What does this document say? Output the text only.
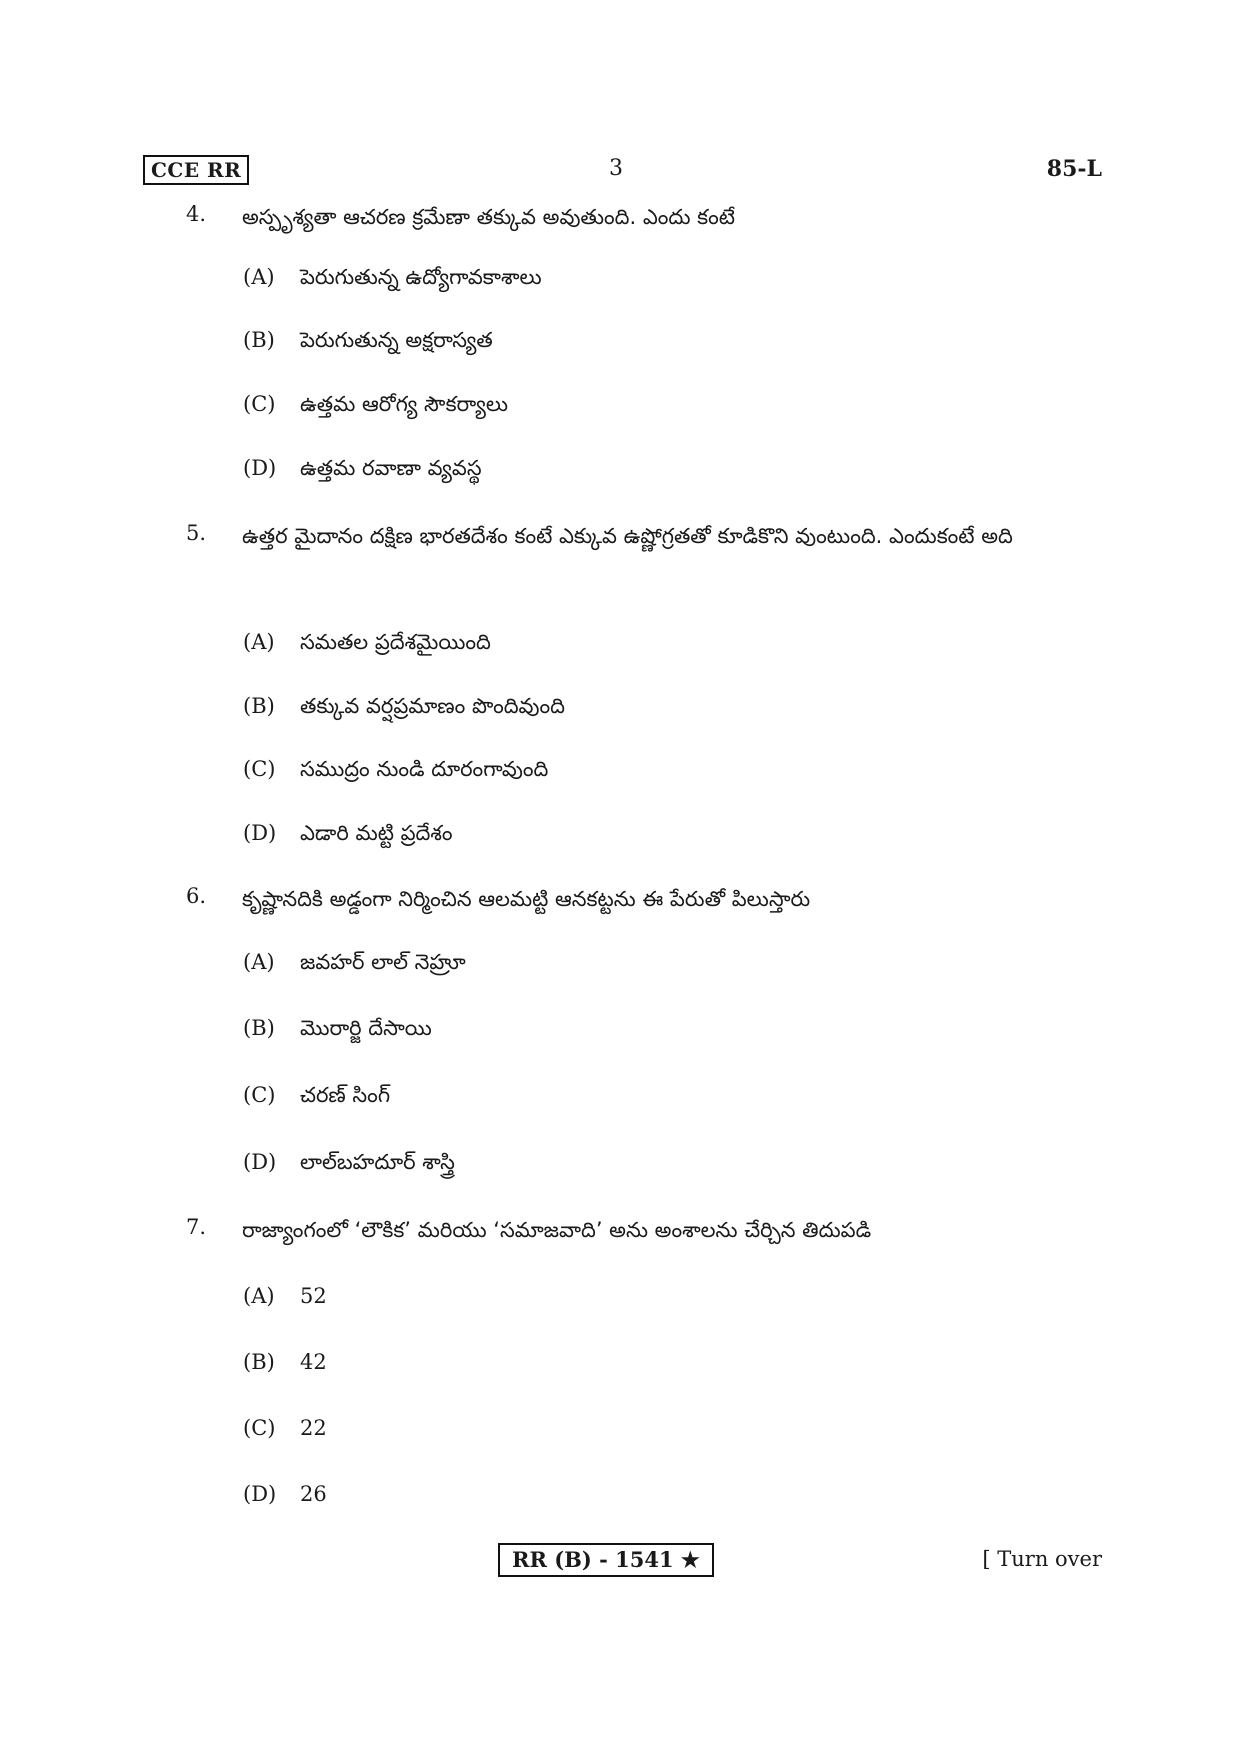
CCE RR	3	85-L
4. అస్పృశ్యతా ఆచరణ క్రమేణా తక్కువ అవుతుంది. ఎందు కంటే
(A) పెరుగుతున్న ఉద్యోగావకాశాలు
(B) పెరుగుతున్న అక్షరాస్యత
(C) ఉత్తమ ఆరోగ్య సౌకర్యాలు
(D) ఉత్తమ రవాణా వ్యవస్థ
5. ఉత్తర మైదానం దక్షిణ భారతదేశం కంటే ఎక్కువ ఉష్ణోగ్రతతో కూడికొని వుంటుంది. ఎందుకంటే అది
(A) సమతల ప్రదేశమైయింది
(B) తక్కువ వర్షప్రమాణం పొందివుంది
(C) సముద్రం నుండి దూరంగావుంది
(D) ఎడారి మట్టి ప్రదేశం
6. కృష్ణానదికి అడ్డంగా నిర్మించిన ఆలమట్టి ఆనకట్టను ఈ పేరుతో పిలుస్తారు
(A) జవహర్ లాల్ నెహ్రూ
(B) మొరార్జి దేసాయి
(C) చరణ్ సింగ్
(D) లాల్‌బహదూర్ శాస్త్రి
7. రాజ్యాంగంలో ‘లౌకిక’ మరియు ‘సమాజవాది’ అను అంశాలను చేర్చిన తిదుపడి
(A) 52
(B) 42
(C) 22
(D) 26
RR (B) - 1541 ★	[ Turn over
